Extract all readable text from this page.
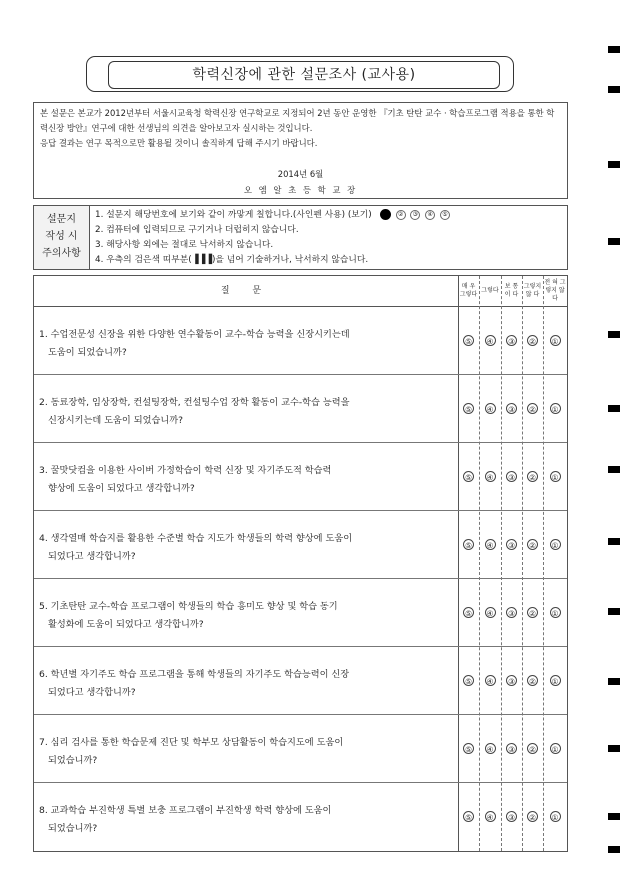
학력신장에 관한 설문조사 (교사용)
본 설문은 본교가 2012년부터 서울시교육청 학력신장 연구학교로 지정되어 2년 동안 운영한 『기초 탄탄 교수 · 학습프로그램 적용을 통한 학력신장 방안』연구에 대한 선생님의 의견을 알아보고자 실시하는 것입니다.
응답 결과는 연구 목적으로만 활용될 것이니 솔직하게 답해 주시기 바랍니다.
2014년 6월
오 엠 알 초 등 학 교 장
설문지
작성 시
주의사항
1. 설문지 해당번호에 보기와 같이 까맣게 칠합니다.(사인펜 사용) (보기)	② ③ ④ ⑤
2. 컴퓨터에 입력되므로 구기거나 더럽히지 않습니다.
3. 해당사항 외에는 절대로 낙서하지 않습니다.
4. 우측의 검은색 띠부분(▐▐▐)을 넘어 기술하거나, 낙서하지 않습니다.
질 문	매 우 그렇다
그렇다
보 통 이 다
그렇지 않 다
전 혀 그렇지 않 다
1. 수업전문성 신장을 위한 다양한 연수활동이 교수-학습 능력을 신장시키는데
도움이 되었습니까?
⑤ ④ ③ ② ①
2. 동료장학, 임상장학, 컨설팅장학, 컨설팅수업 장학 활동이 교수-학습 능력을
신장시키는데 도움이 되었습니까?
⑤ ④ ③ ② ①
3. 꿀맛닷컴을 이용한 사이버 가정학습이 학력 신장 및 자기주도적 학습력
향상에 도움이 되었다고 생각합니까?
⑤ ④ ③ ② ①
4. 생각열매 학습지를 활용한 수준별 학습 지도가 학생들의 학력 향상에 도움이
되었다고 생각합니까?
⑤ ④ ③ ② ①
5. 기초탄탄 교수-학습 프로그램이 학생들의 학습 흥미도 향상 및 학습 동기
활성화에 도움이 되었다고 생각합니까?
⑤ ④ ③ ② ①
6. 학년별 자기주도 학습 프로그램을 통해 학생들의 자기주도 학습능력이 신장
되었다고 생각합니까?
⑤ ④ ③ ② ①
7. 심리 검사를 통한 학습문제 진단 및 학부모 상담활동이 학습지도에 도움이
되었습니까?
⑤ ④ ③ ② ①
8. 교과학습 부진학생 특별 보충 프로그램이 부진학생 학력 향상에 도움이
되었습니까?
⑤ ④ ③ ② ①
